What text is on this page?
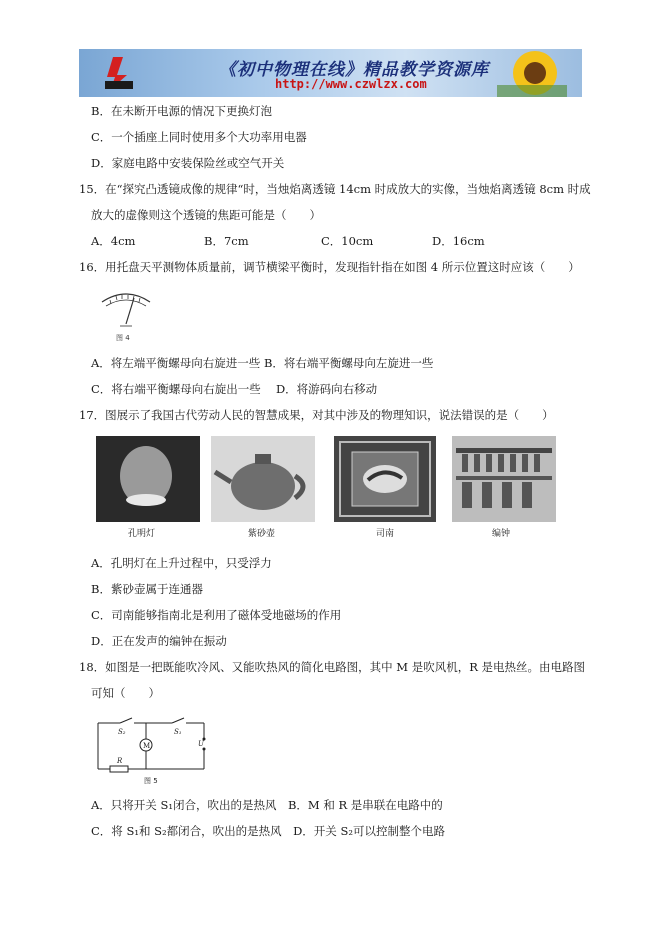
《初中物理在线》精品教学资源库
http://www.czwlzx.com
B．在未断开电源的情况下更换灯泡
C．一个插座上同时使用多个大功率用电器
D．家庭电路中安装保险丝或空气开关
15．在“探究凸透镜成像的规律“时，当烛焰离透镜 14cm 时成放大的实像，当烛焰离透镜 8cm 时成
放大的虚像则这个透镜的焦距可能是（　　）
A．4cm	B．7cm	C．10cm	D．16cm
16．用托盘天平测物体质量前，调节横梁平衡时，发现指针指在如图 4 所示位置这时应该（　　）
图 4
A．将左端平衡螺母向右旋进一些 B．将右端平衡螺母向左旋进一些
C．将右端平衡螺母向右旋出一些　 D．将游码向右移动
17．图展示了我国古代劳动人民的智慧成果，对其中涉及的物理知识，说法错误的是（　　）
孔明灯	紫砂壶	司南	编钟
A．孔明灯在上升过程中，只受浮力
B．紫砂壶属于连通器
C．司南能够指南北是利用了磁体受地磁场的作用
D．正在发声的编钟在振动
18．如图是一把既能吹冷风、又能吹热风的简化电路图，其中 M 是吹风机，R 是电热丝。由电路图
可知（　　）
S₂	S₁
M
R
U
图 5
A．只将开关 S₁闭合，吹出的是热风　B．M 和 R 是串联在电路中的
C．将 S₁和 S₂都闭合，吹出的是热风　D．开关 S₂可以控制整个电路
